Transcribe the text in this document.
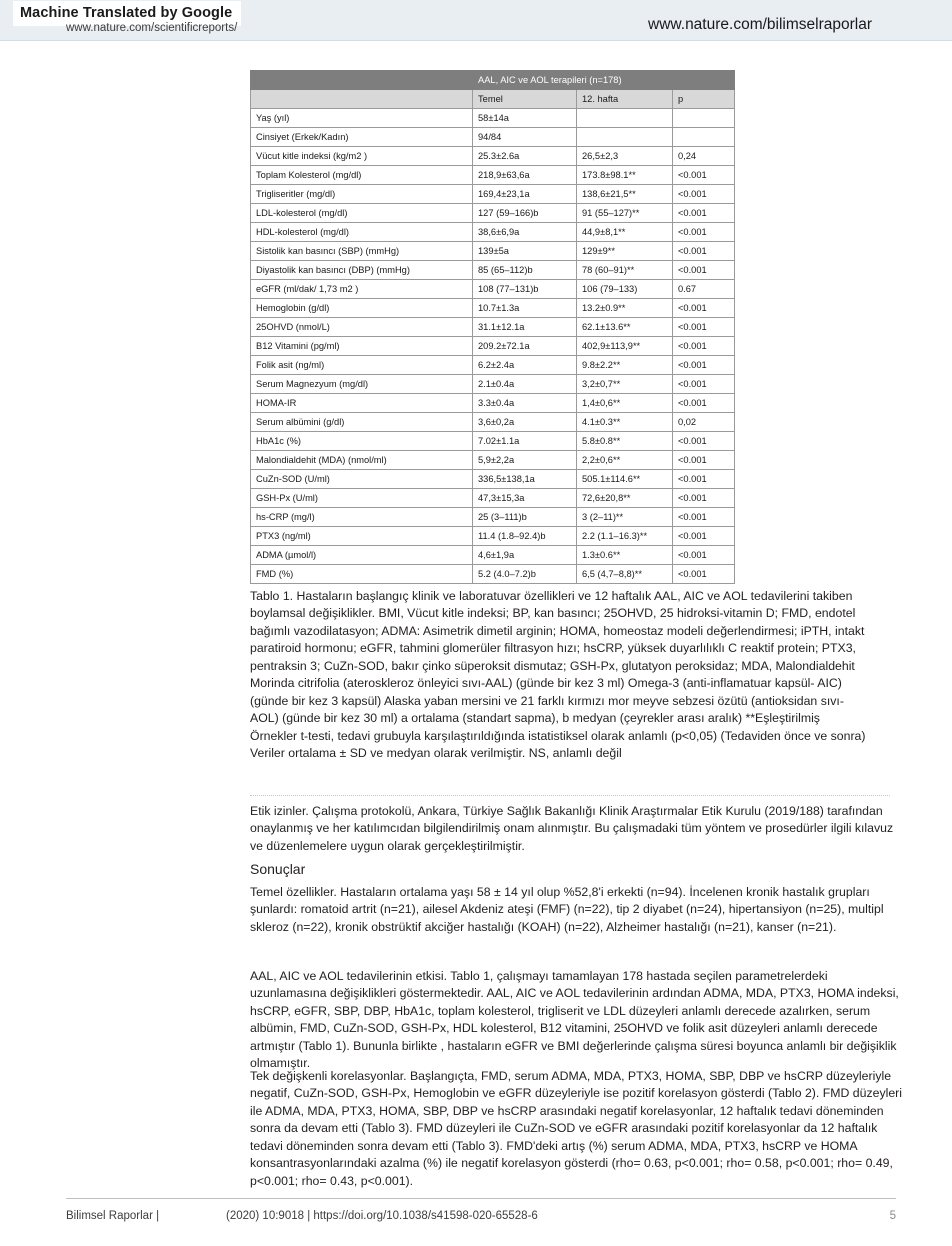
Machine Translated by Google
www.nature.com/scientificreports/	www.nature.com/bilimselraporlar
	AAL, AIC ve AOL terapileri (n=178)		
	Temel	12. hafta	p
Yaş (yıl)	58±14a		
Cinsiyet (Erkek/Kadın)	94/84		
Vücut kitle indeksi (kg/m2 )	25.3±2.6a	26,5±2,3	0,24
Toplam Kolesterol (mg/dl)	218,9±63,6a	173.8±98.1**	<0.001
Trigliseritler (mg/dl)	169,4±23,1a	138,6±21,5**	<0.001
LDL-kolesterol (mg/dl)	127 (59–166)b	91 (55–127)**	<0.001
HDL-kolesterol (mg/dl)	38,6±6,9a	44,9±8,1**	<0.001
Sistolik kan basıncı (SBP) (mmHg)	139±5a	129±9**	<0.001
Diyastolik kan basıncı (DBP) (mmHg)	85 (65–112)b	78 (60–91)**	<0.001
eGFR (ml/dak/ 1,73 m2 )	108 (77–131)b	106 (79–133)	0.67
Hemoglobin (g/dl)	10.7±1.3a	13.2±0.9**	<0.001
25OHVD (nmol/L)	31.1±12.1a	62.1±13.6**	<0.001
B12 Vitamini (pg/ml)	209.2±72.1a	402,9±113,9**	<0.001
Folik asit (ng/ml)	6.2±2.4a	9.8±2.2**	<0.001
Serum Magnezyum (mg/dl)	2.1±0.4a	3,2±0,7**	<0.001
HOMA-IR	3.3±0.4a	1,4±0,6**	<0.001
Serum albümini (g/dl)	3,6±0,2a	4.1±0.3**	0,02
HbA1c (%)	7.02±1.1a	5.8±0.8**	<0.001
Malondialdehit (MDA) (nmol/ml)	5,9±2,2a	2,2±0,6**	<0.001
CuZn-SOD (U/ml)	336,5±138,1a	505.1±114.6**	<0.001
GSH-Px (U/ml)	47,3±15,3a	72,6±20,8**	<0.001
hs-CRP (mg/l)	25 (3–111)b	3 (2–11)**	<0.001
PTX3 (ng/ml)	11.4 (1.8–92.4)b	2.2 (1.1–16.3)**	<0.001
ADMA (µmol/l)	4,6±1,9a	1.3±0.6**	<0.001
FMD (%)	5.2 (4.0–7.2)b	6,5 (4,7–8,8)**	<0.001
Tablo 1. Hastaların başlangıç klinik ve laboratuvar özellikleri ve 12 haftalık AAL, AIC ve AOL tedavilerini takiben boylamsal değişiklikler. BMI, Vücut kitle indeksi; BP, kan basıncı; 25OHVD, 25 hidroksi-vitamin D; FMD, endotel bağımlı vazodilatasyon; ADMA: Asimetrik dimetil arginin; HOMA, homeostaz modeli değerlendirmesi; iPTH, intakt paratiroid hormonu; eGFR, tahmini glomerüler filtrasyon hızı; hsCRP, yüksek duyarlılıklı C reaktif protein; PTX3, pentraksin 3; CuZn-SOD, bakır çinko süperoksit dismutaz; GSH-Px, glutatyon peroksidaz; MDA, Malondialdehit Morinda citrifolia (ateroskleroz önleyici sıvı-AAL) (günde bir kez 3 ml) Omega-3 (anti-inflamatuar kapsül- AIC) (günde bir kez 3 kapsül) Alaska yaban mersini ve 21 farklı kırmızı mor meyve sebzesi özütü (antioksidan sıvı- AOL) (günde bir kez 30 ml) a ortalama (standart sapma), b medyan (çeyrekler arası aralık) **Eşleştirilmiş Örnekler t-testi, tedavi grubuyla karşılaştırıldığında istatistiksel olarak anlamlı (p<0,05) (Tedaviden önce ve sonra) Veriler ortalama ± SD ve medyan olarak verilmiştir. NS, anlamlı değil
Etik izinler. Çalışma protokolü, Ankara, Türkiye Sağlık Bakanlığı Klinik Araştırmalar Etik Kurulu (2019/188) tarafından onaylanmış ve her katılımcıdan bilgilendirilmiş onam alınmıştır. Bu çalışmadaki tüm yöntem ve prosedürler ilgili kılavuz ve düzenlemelere uygun olarak gerçekleştirilmiştir.
Sonuçlar
Temel özellikler. Hastaların ortalama yaşı 58 ± 14 yıl olup %52,8'i erkekti (n=94). İncelenen kronik hastalık grupları şunlardı: romatoid artrit (n=21), ailesel Akdeniz ateşi (FMF) (n=22), tip 2 diyabet (n=24), hipertansiyon (n=25), multipl skleroz (n=22), kronik obstrüktif akciğer hastalığı (KOAH) (n=22), Alzheimer hastalığı (n=21), kanser (n=21).
AAL, AIC ve AOL tedavilerinin etkisi. Tablo 1, çalışmayı tamamlayan 178 hastada seçilen parametrelerdeki uzunlamasına değişiklikleri göstermektedir. AAL, AIC ve AOL tedavilerinin ardından ADMA, MDA, PTX3, HOMA indeksi, hsCRP, eGFR, SBP, DBP, HbA1c, toplam kolesterol, trigliserit ve LDL düzeyleri anlamlı derecede azalırken, serum albümin, FMD, CuZn-SOD, GSH-Px, HDL kolesterol, B12 vitamini, 25OHVD ve folik asit düzeyleri anlamlı derecede artmıştır (Tablo 1). Bununla birlikte , hastaların eGFR ve BMI değerlerinde çalışma süresi boyunca anlamlı bir değişiklik olmamıştır.
Tek değişkenli korelasyonlar. Başlangıçta, FMD, serum ADMA, MDA, PTX3, HOMA, SBP, DBP ve hsCRP düzeyleriyle negatif, CuZn-SOD, GSH-Px, Hemoglobin ve eGFR düzeyleriyle ise pozitif korelasyon gösterdi (Tablo 2). FMD düzeyleri ile ADMA, MDA, PTX3, HOMA, SBP, DBP ve hsCRP arasındaki negatif korelasyonlar, 12 haftalık tedavi döneminden sonra da devam etti (Tablo 3). FMD düzeyleri ile CuZn-SOD ve eGFR arasındaki pozitif korelasyonlar da 12 haftalık tedavi döneminden sonra devam etti (Tablo 3). FMD'deki artış (%) serum ADMA, MDA, PTX3, hsCRP ve HOMA konsantrasyonlarındaki azalma (%) ile negatif korelasyon gösterdi (rho= 0.63, p<0.001; rho= 0.58, p<0.001; rho= 0.49, p<0.001; rho= 0.43, p<0.001).
Bilimsel Raporlar |	(2020) 10:9018 | https://doi.org/10.1038/s41598-020-65528-6	5
